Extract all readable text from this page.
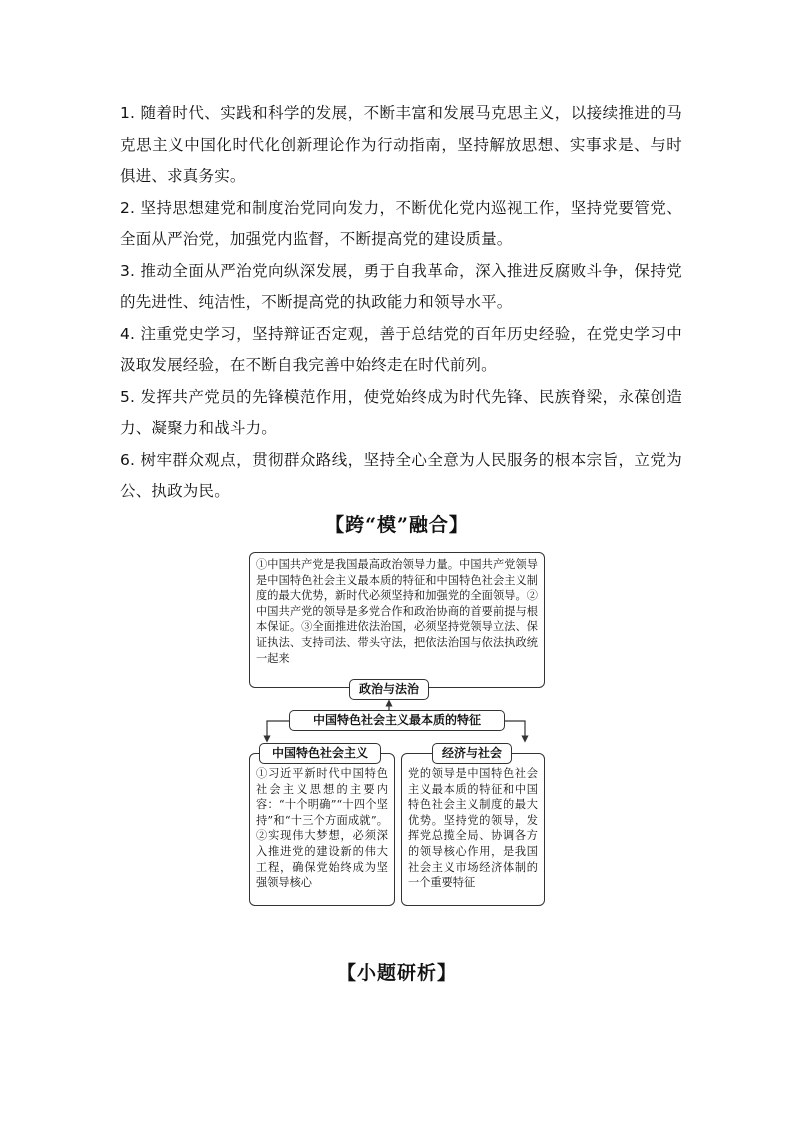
1. 随着时代、实践和科学的发展，不断丰富和发展马克思主义，以接续推进的马克思主义中国化时代化创新理论作为行动指南，坚持解放思想、实事求是、与时俱进、求真务实。

2. 坚持思想建党和制度治党同向发力，不断优化党内巡视工作，坚持党要管党、全面从严治党，加强党内监督，不断提高党的建设质量。

3. 推动全面从严治党向纵深发展，勇于自我革命，深入推进反腐败斗争，保持党的先进性、纯洁性，不断提高党的执政能力和领导水平。

4. 注重党史学习，坚持辩证否定观，善于总结党的百年历史经验，在党史学习中汲取发展经验，在不断自我完善中始终走在时代前列。

5. 发挥共产党员的先锋模范作用，使党始终成为时代先锋、民族脊梁，永葆创造力、凝聚力和战斗力。

6. 树牢群众观点，贯彻群众路线，坚持全心全意为人民服务的根本宗旨，立党为公、执政为民。

【跨“模”融合】
①中国共产党是我国最高政治领导力量。中国共产党领导是中国特色社会主义最本质的特征和中国特色社会主义制度的最大优势，新时代必须坚持和加强党的全面领导。②中国共产党的领导是多党合作和政治协商的首要前提与根本保证。③全面推进依法治国，必须坚持党领导立法、保证执法、支持司法、带头守法，把依法治国与依法执政统一起来
政治与法治
中国特色社会主义最本质的特征
①习近平新时代中国特色社会主义思想的主要内容：“十个明确”“十四个坚持”和“十三个方面成就”。②实现伟大梦想，必须深入推进党的建设新的伟大工程，确保党始终成为坚强领导核心
中国特色社会主义
党的领导是中国特色社会主义最本质的特征和中国特色社会主义制度的最大优势。坚持党的领导，发挥党总揽全局、协调各方的领导核心作用，是我国社会主义市场经济体制的一个重要特征
经济与社会
【小题研析】
